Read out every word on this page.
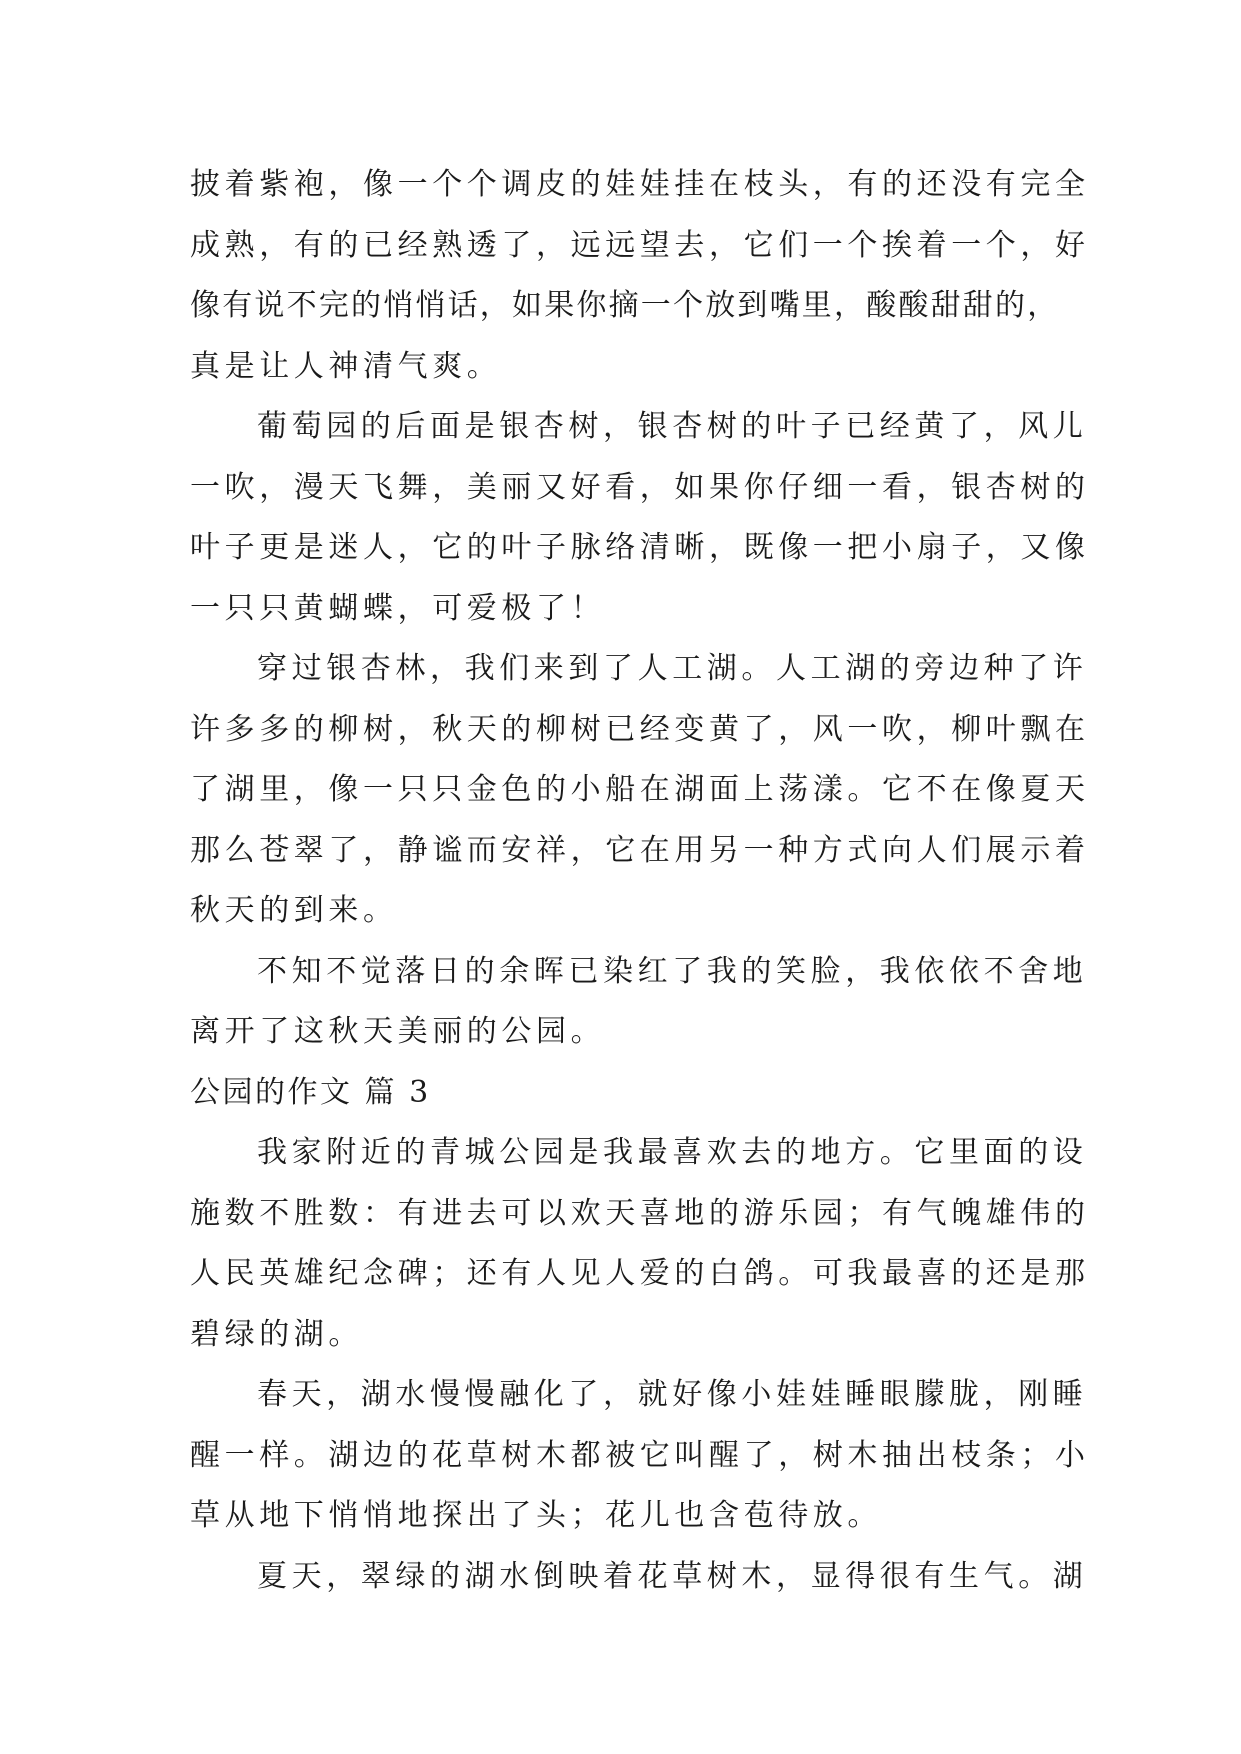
披着紫袍，像一个个调皮的娃娃挂在枝头，有的还没有完全
成熟，有的已经熟透了，远远望去，它们一个挨着一个，好
像有说不完的悄悄话，如果你摘一个放到嘴里，酸酸甜甜的，
真是让人神清气爽。
葡萄园的后面是银杏树，银杏树的叶子已经黄了，风儿
一吹，漫天飞舞，美丽又好看，如果你仔细一看，银杏树的
叶子更是迷人，它的叶子脉络清晰，既像一把小扇子，又像
一只只黄蝴蝶，可爱极了！
穿过银杏林，我们来到了人工湖。人工湖的旁边种了许
许多多的柳树，秋天的柳树已经变黄了，风一吹，柳叶飘在
了湖里，像一只只金色的小船在湖面上荡漾。它不在像夏天
那么苍翠了，静谧而安祥，它在用另一种方式向人们展示着
秋天的到来。
不知不觉落日的余晖已染红了我的笑脸，我依依不舍地
离开了这秋天美丽的公园。
公园的作文 篇 3
我家附近的青城公园是我最喜欢去的地方。它里面的设
施数不胜数：有进去可以欢天喜地的游乐园；有气魄雄伟的
人民英雄纪念碑；还有人见人爱的白鸽。可我最喜的还是那
碧绿的湖。
春天，湖水慢慢融化了，就好像小娃娃睡眼朦胧，刚睡
醒一样。湖边的花草树木都被它叫醒了，树木抽出枝条；小
草从地下悄悄地探出了头；花儿也含苞待放。
夏天，翠绿的湖水倒映着花草树木，显得很有生气。湖
